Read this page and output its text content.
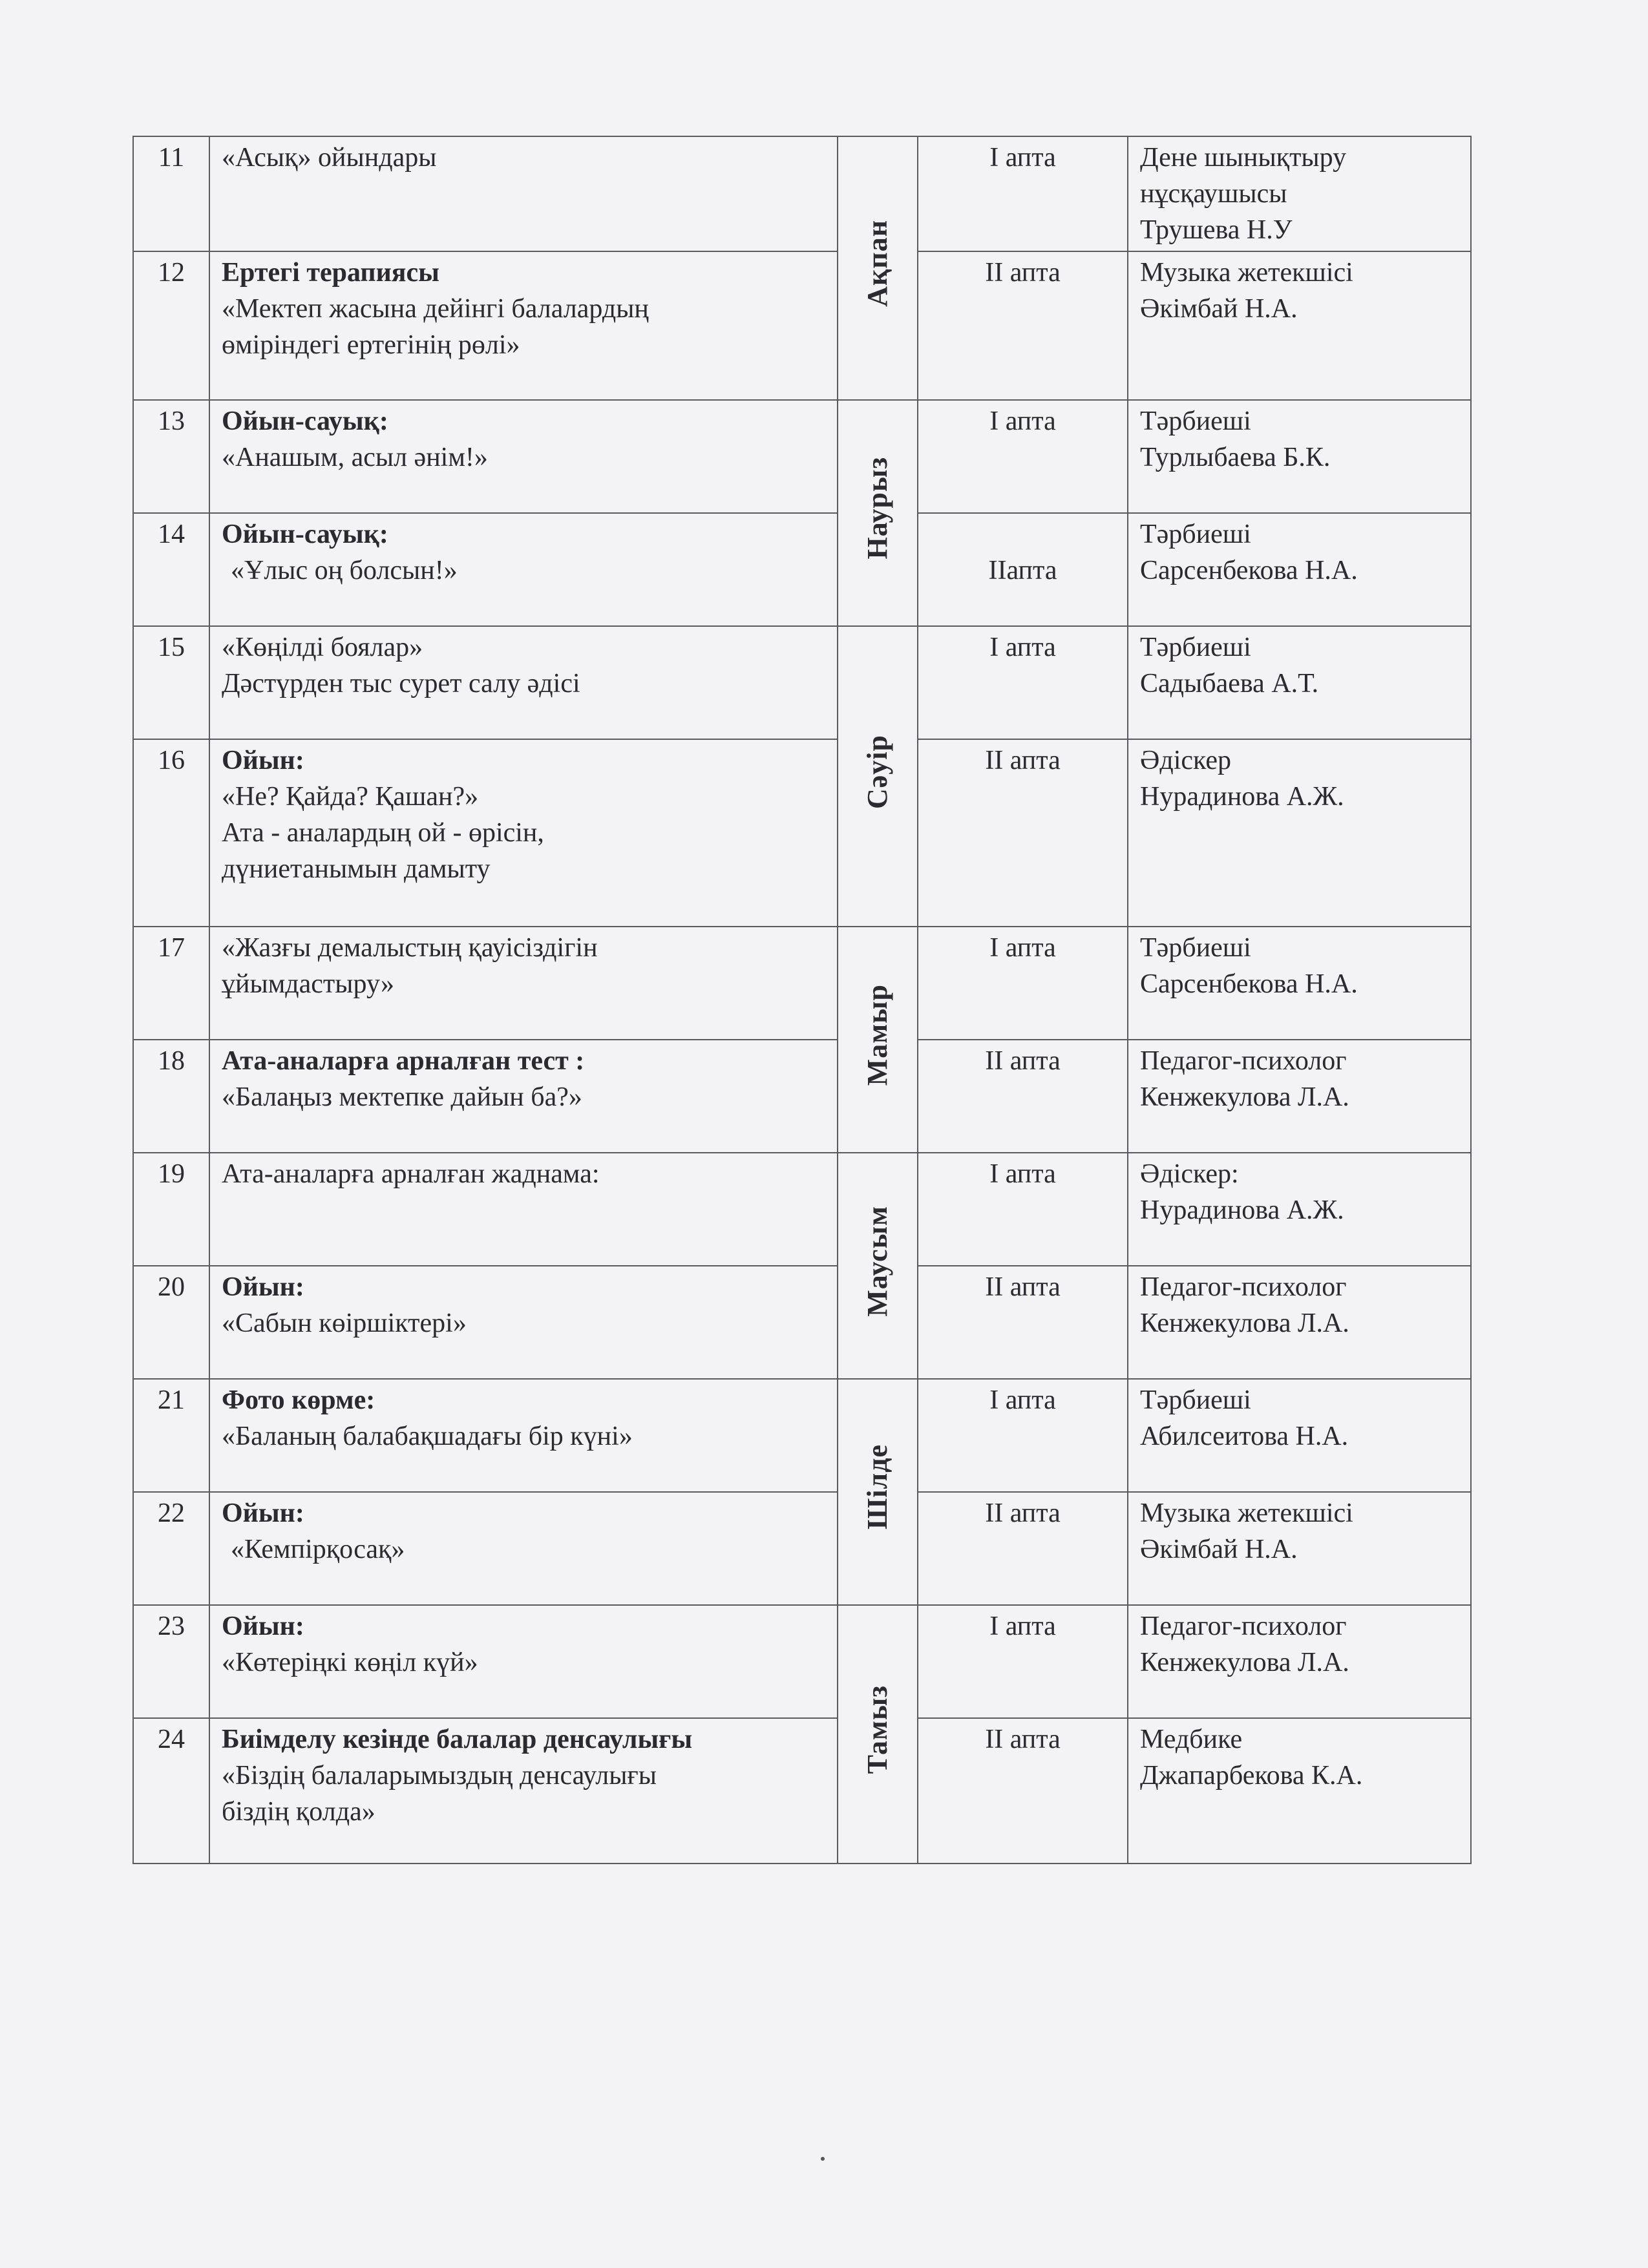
11	«Асық» ойындары	Ақпан	І апта	Дене шынықтыру
нұсқаушысы
Трушева Н.У

12	Ертегі терапиясы
«Мектеп жасына дейінгі балалардың
өміріндегі ертегінің рөлі»		ІІ апта	Музыка жетекшісі
Әкімбай Н.А.

13	Ойын-сауық:
«Анашым, асыл әнім!»	Наурыз	І апта	Тәрбиеші
Турлыбаева Б.К.

14	Ойын-сауық:
«Ұлыс оң болсын!»		ІІапта	Тәрбиеші
Сарсенбекова Н.А.

15	«Көңілді боялар»
Дәстүрден тыс сурет салу әдісі	Сәуір	І апта	Тәрбиеші
Садыбаева А.Т.

16	Ойын:
«Не? Қайда? Қашан?»
Ата - аналардың ой - өрісін,
дүниетанымын дамыту		ІІ апта	Әдіскер
Нурадинова А.Ж.

17	«Жазғы демалыстың қауісіздігін
ұйымдастыру»	Мамыр	І апта	Тәрбиеші
Сарсенбекова Н.А.

18	Ата-аналарға арналған тест :
«Балаңыз мектепке дайын ба?»		ІІ апта	Педагог-психолог
Кенжекулова Л.А.

19	Ата-аналарға арналған жаднама:	Маусым	І апта	Әдіскер:
Нурадинова А.Ж.

20	Ойын:
«Сабын көіршіктері»		ІІ апта	Педагог-психолог
Кенжекулова Л.А.

21	Фото көрме:
«Баланың балабақшадағы бір күні»	Шілде	І апта	Тәрбиеші
Абилсеитова Н.А.

22	Ойын:
«Кемпірқосақ»		ІІ апта	Музыка жетекшісі
Әкімбай Н.А.

23	Ойын:
«Көтеріңкі көңіл күй»	Тамыз	І апта	Педагог-психолог
Кенжекулова Л.А.

24	Биімделу кезінде балалар денсаулығы
«Біздің балаларымыздың денсаулығы
біздің қолда»		ІІ апта	Медбике
Джапарбекова К.А.
